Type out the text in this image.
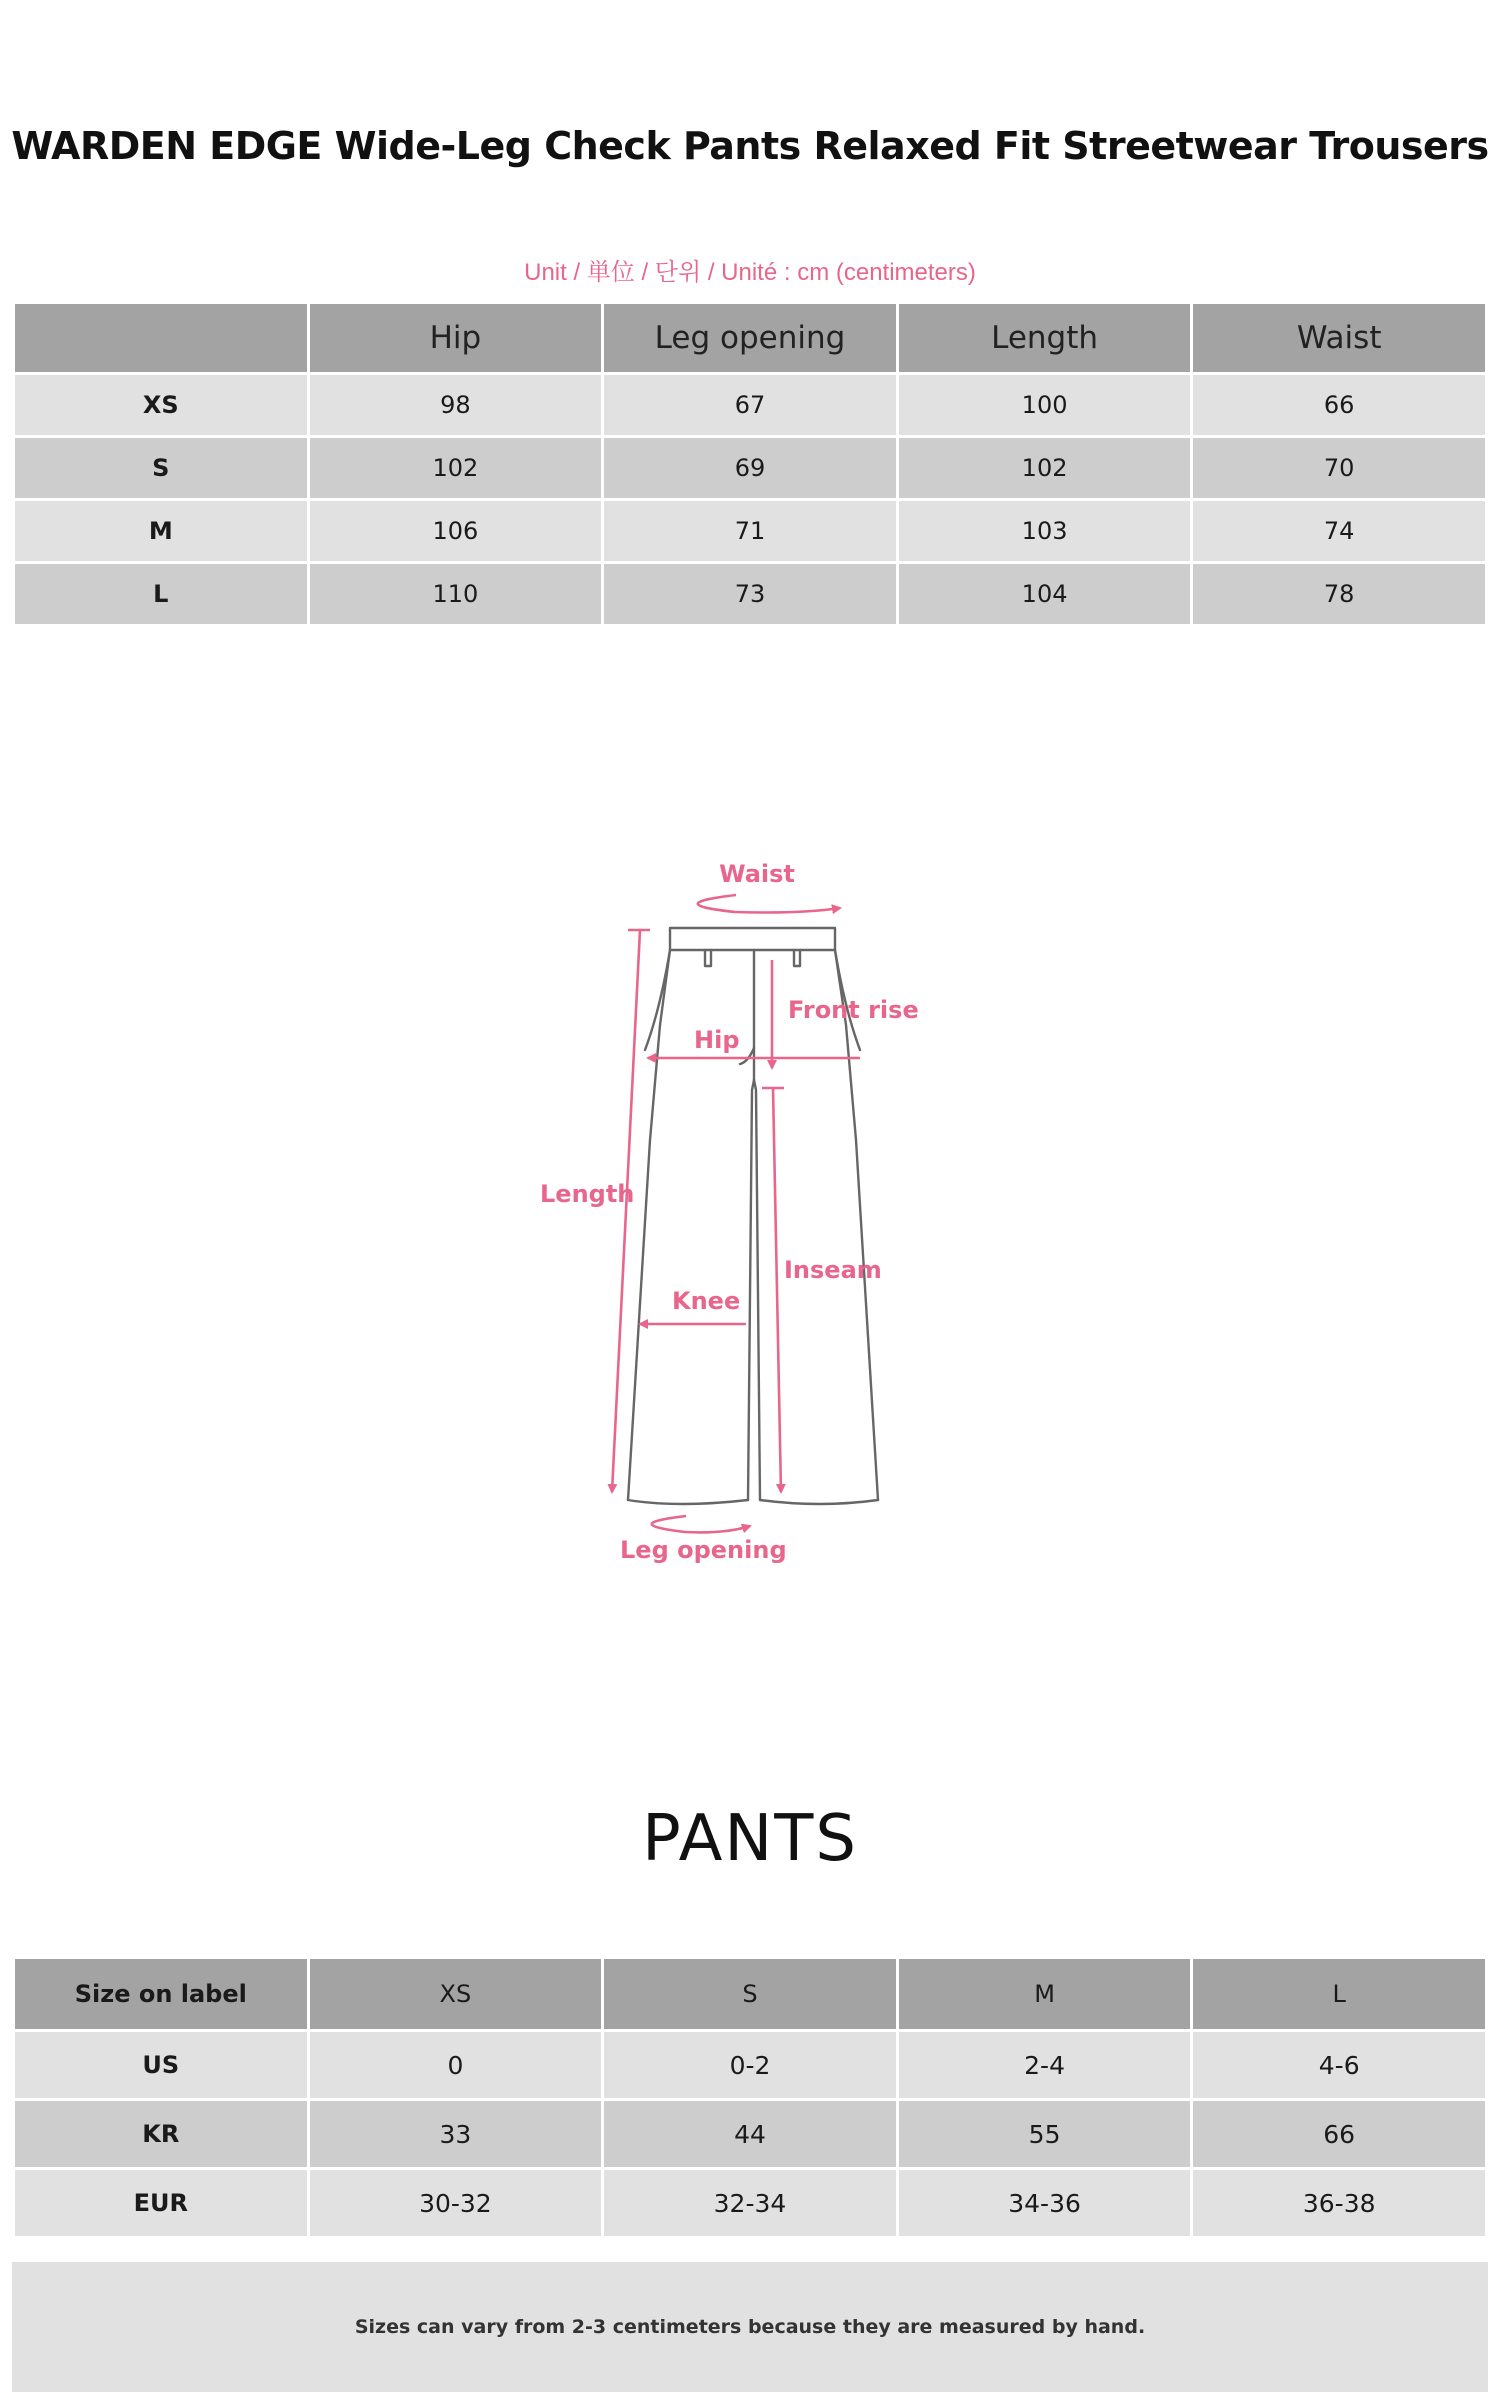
WARDEN EDGE Wide-Leg Check Pants Relaxed Fit Streetwear Trousers
Unit / 単位 / 단위 / Unité : cm (centimeters)
	Hip	Leg opening	Length	Waist
XS	98	67	100	66
S	102	69	102	70
M	106	71	103	74
L	110	73	104	78
Waist
Length
Front rise
Hip
Inseam
Knee
Leg opening
PANTS
Size on label	XS	S	M	L
US	0	0-2	2-4	4-6
KR	33	44	55	66
EUR	30-32	32-34	34-36	36-38
Sizes can vary from 2-3 centimeters because they are measured by hand.
